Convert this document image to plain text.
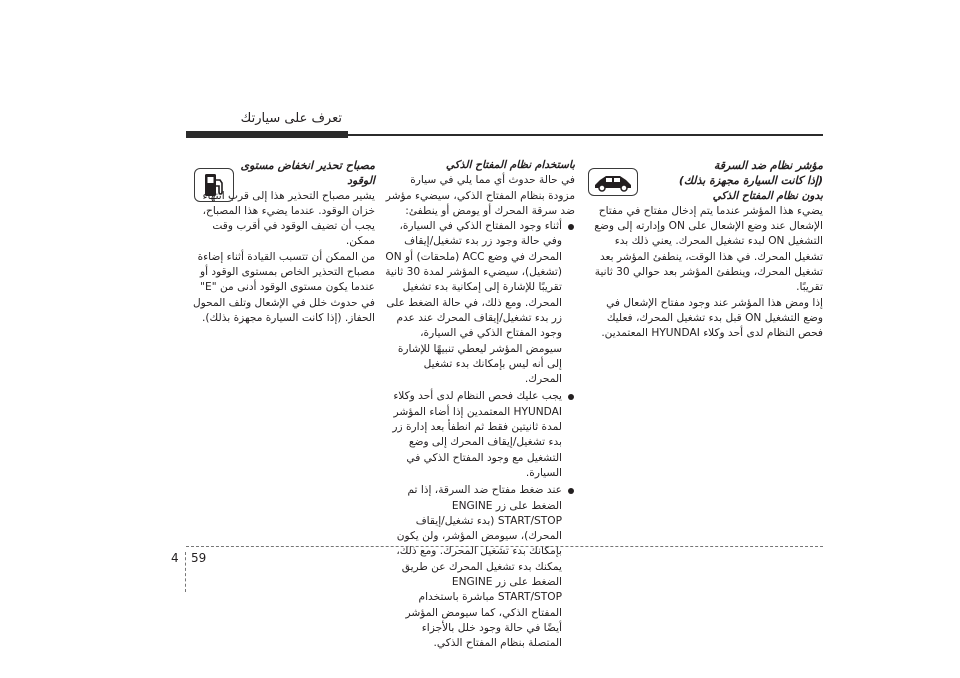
تعرف على سيارتك

مؤشر نظام ضد السرقة

(إذا كانت السيارة مجهزة بذلك)

بدون نظام المفتاح الذكي

يضيء هذا المؤشر عندما يتم إدخال مفتاح في مفتاح الإشعال عند وضع الإشعال على ON وإدارته إلى وضع التشغيل ON لبدء تشغيل المحرك. يعني ذلك بدء تشغيل المحرك. في هذا الوقت، ينطفئ المؤشر بعد تشغيل المحرك، وينطفئ المؤشر بعد حوالي 30 ثانية تقريبًا.

إذا ومض هذا المؤشر عند وجود مفتاح الإشعال في وضع التشغيل ON قبل بدء تشغيل المحرك، فعليك فحص النظام لدى أحد وكلاء HYUNDAI المعتمدين.

باستخدام نظام المفتاح الذكي

في حالة حدوث أي مما يلي في سيارة مزودة بنظام المفتاح الذكي، سيضيء مؤشر ضد سرقة المحرك أو يومض أو ينطفئ:

أثناء وجود المفتاح الذكي في السيارة، وفي حالة وجود زر بدء تشغيل/إيقاف المحرك في وضع ACC (ملحقات) أو ON (تشغيل)، سيضيء المؤشر لمدة 30 ثانية تقريبًا للإشارة إلى إمكانية بدء تشغيل المحرك. ومع ذلك، في حالة الضغط على زر بدء تشغيل/إيقاف المحرك عند عدم وجود المفتاح الذكي في السيارة، سيومض المؤشر ليعطي تنبيهًا للإشارة إلى أنه ليس بإمكانك بدء تشغيل المحرك.
يجب عليك فحص النظام لدى أحد وكلاء HYUNDAI المعتمدين إذا أضاء المؤشر لمدة ثانيتين فقط ثم انطفأ بعد إدارة زر بدء تشغيل/إيقاف المحرك إلى وضع التشغيل مع وجود المفتاح الذكي في السيارة.
عند ضغط مفتاح ضد السرقة، إذا تم الضغط على زر ENGINE START/STOP (بدء تشغيل/إيقاف المحرك)، سيومض المؤشر، ولن يكون بإمكانك بدء تشغيل المحرك. ومع ذلك، يمكنك بدء تشغيل المحرك عن طريق الضغط على زر ENGINE START/STOP مباشرة باستخدام المفتاح الذكي، كما سيومض المؤشر أيضًا في حالة وجود خلل بالأجزاء المتصلة بنظام المفتاح الذكي.

مصباح تحذير انخفاض مستوى

الوقود

يشير مصباح التحذير هذا إلى قرب انتهاء خزان الوقود. عندما يضيء هذا المصباح، يجب أن تضيف الوقود في أقرب وقت ممكن.

من الممكن أن تتسبب القيادة أثناء إضاءة مصباح التحذير الخاص بمستوى الوقود أو عندما يكون مستوى الوقود أدنى من "E" في حدوث خلل في الإشعال وتلف المحول الحفاز. (إذا كانت السيارة مجهزة بذلك).

4 59
